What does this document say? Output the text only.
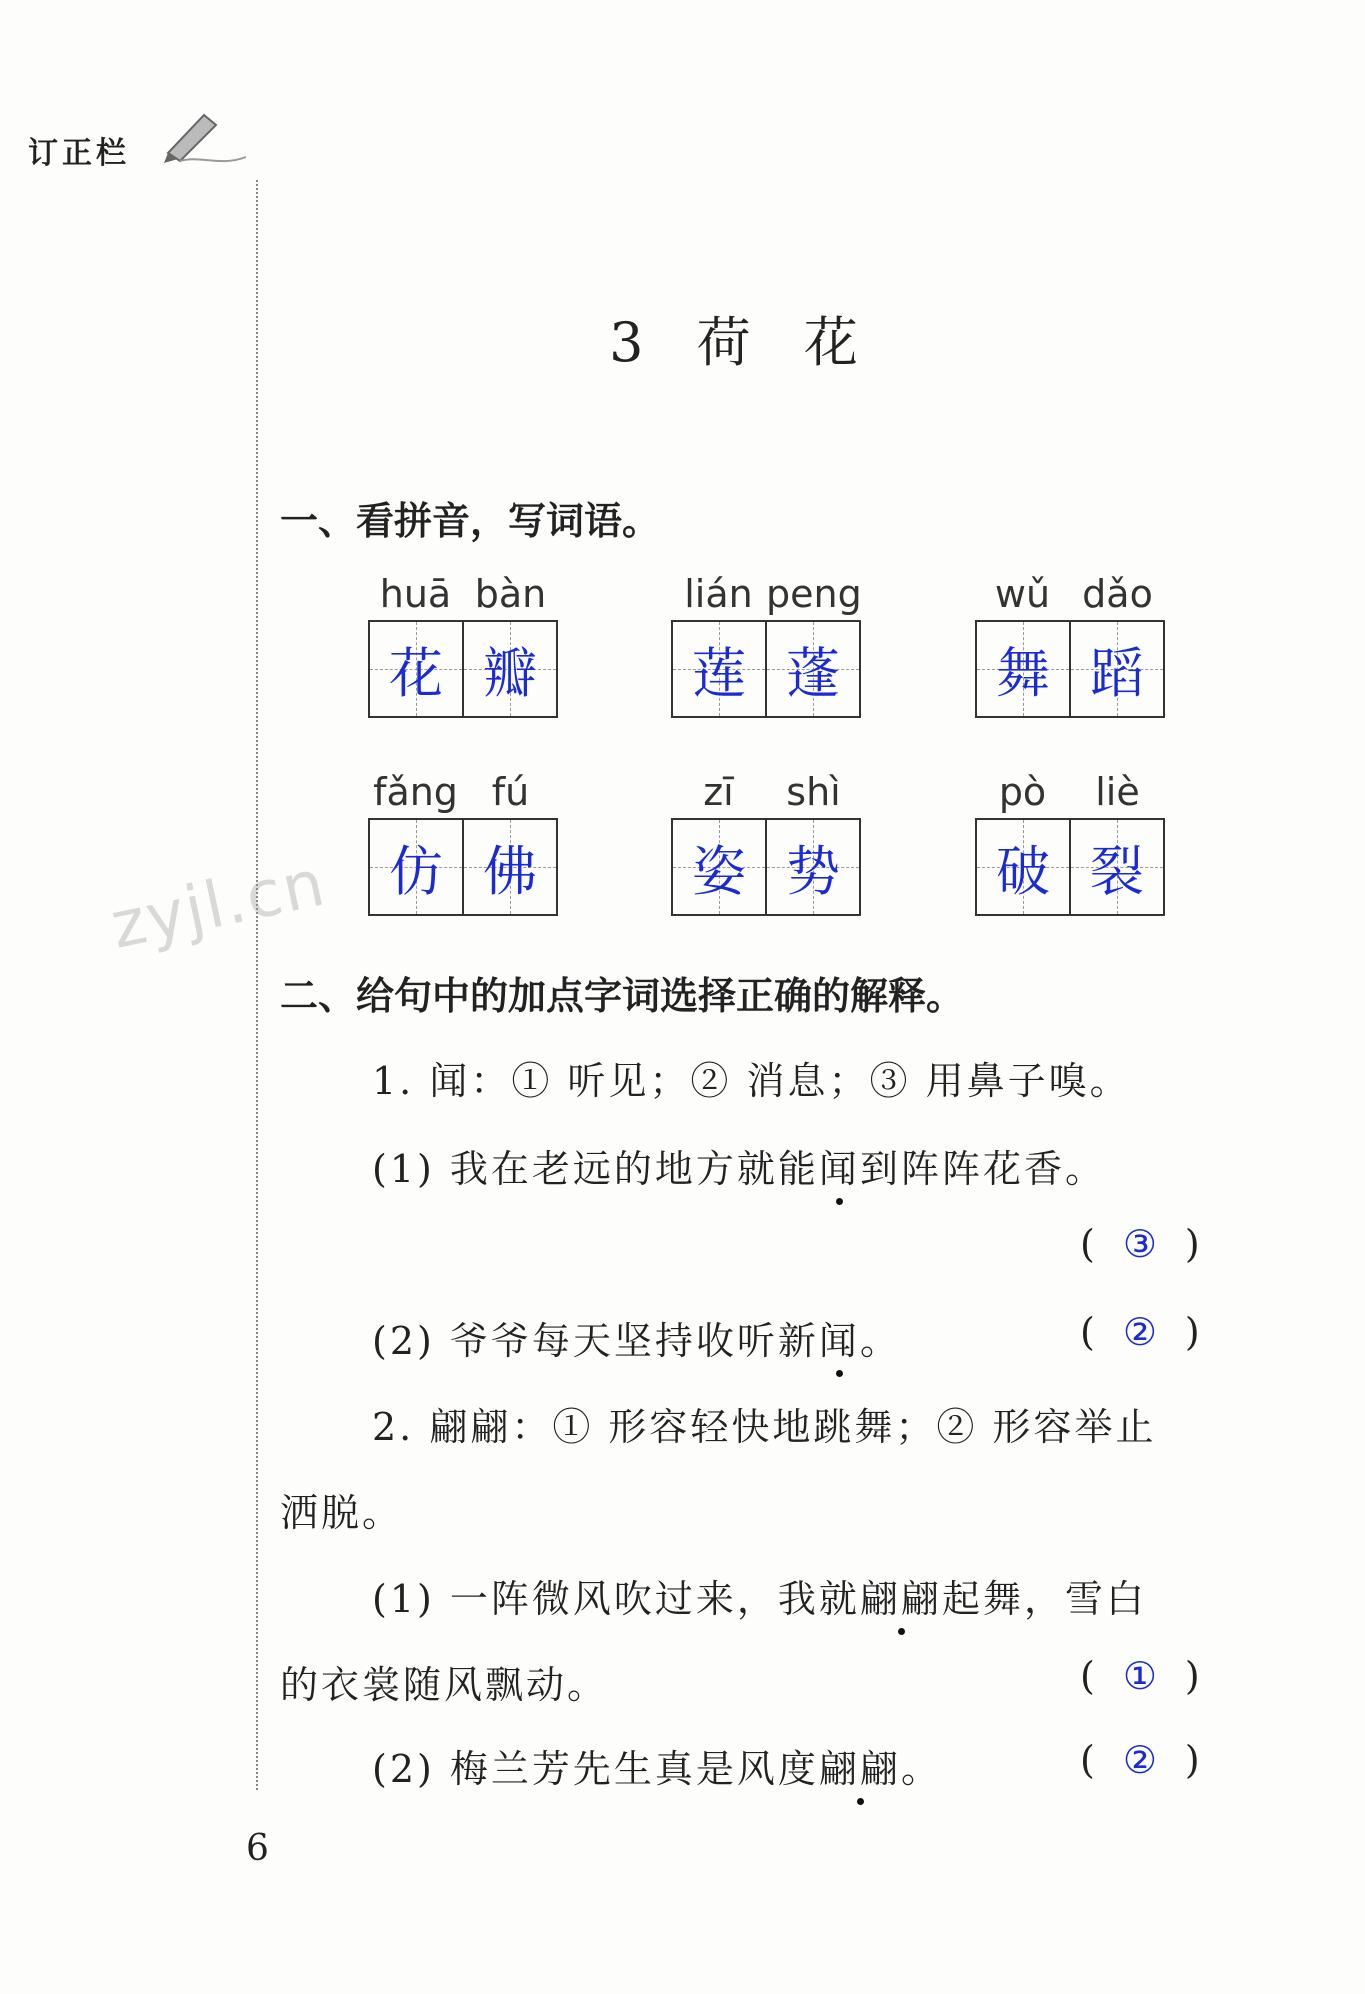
订正栏
3 荷 花
一、看拼音，写词语。
huā bàn
花 瓣
lián peng
莲 蓬
wǔ dǎo
舞 蹈
fǎng fú
仿 佛
zī	shì
姿 势
pò	liè
破 裂
zyjl.cn
二、给句中的加点字词选择正确的解释。
1. 闻：① 听见；② 消息；③ 用鼻子嗅。
(1) 我在老远的地方就能闻到阵阵花香。
( ③ )
(2) 爷爷每天坚持收听新闻。	( ② )
2. 翩翩：① 形容轻快地跳舞；② 形容举止
洒脱。
(1) 一阵微风吹过来，我就翩翩起舞，雪白
的衣裳随风飘动。	( ① )
(2) 梅兰芳先生真是风度翩翩。	( ② )
6
